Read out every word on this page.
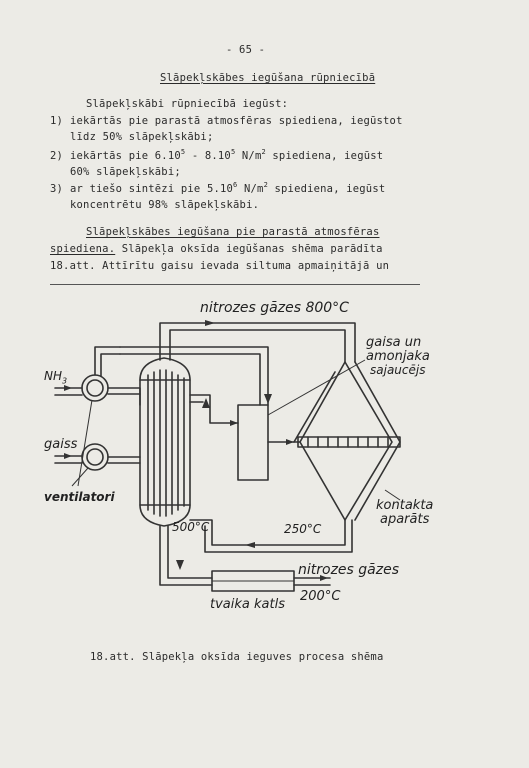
- 65 -
Slāpekļskābes iegūšana rūpniecībā
Slāpekļskābi rūpniecībā iegūst:
1) iekārtās pie parastā atmosfēras spiediena, iegūstot
līdz 50% slāpekļskābi;
2) iekārtās pie 6.10$^5$ - 8.10$^5$ $N/m^2$ spiediena, iegūst
60% slāpekļskābi;
3) ar tiešo sintēzi pie 5.10$^6$ $N/m^2$ spiediena, iegūst
koncentrētu 98% slāpekļskābi.
Slāpekļskābes iegūšana pie parastā atmosfēras
spiediena. Slāpekļa oksīda iegūšanas shēma parādīta
18.att. Attīrītu gaisu ievada siltuma apmaiņitājā un
nitrozes gāzes 800°C
gaisa un
amonjaka
sajaucējs
$NH_3$
gaiss
ventilatori
500°C	250°C
kontakta
aparāts
nitrozes gāzes
200°C
tvaika katls
18.att. Slāpekļa oksīda ieguves procesa shēma
